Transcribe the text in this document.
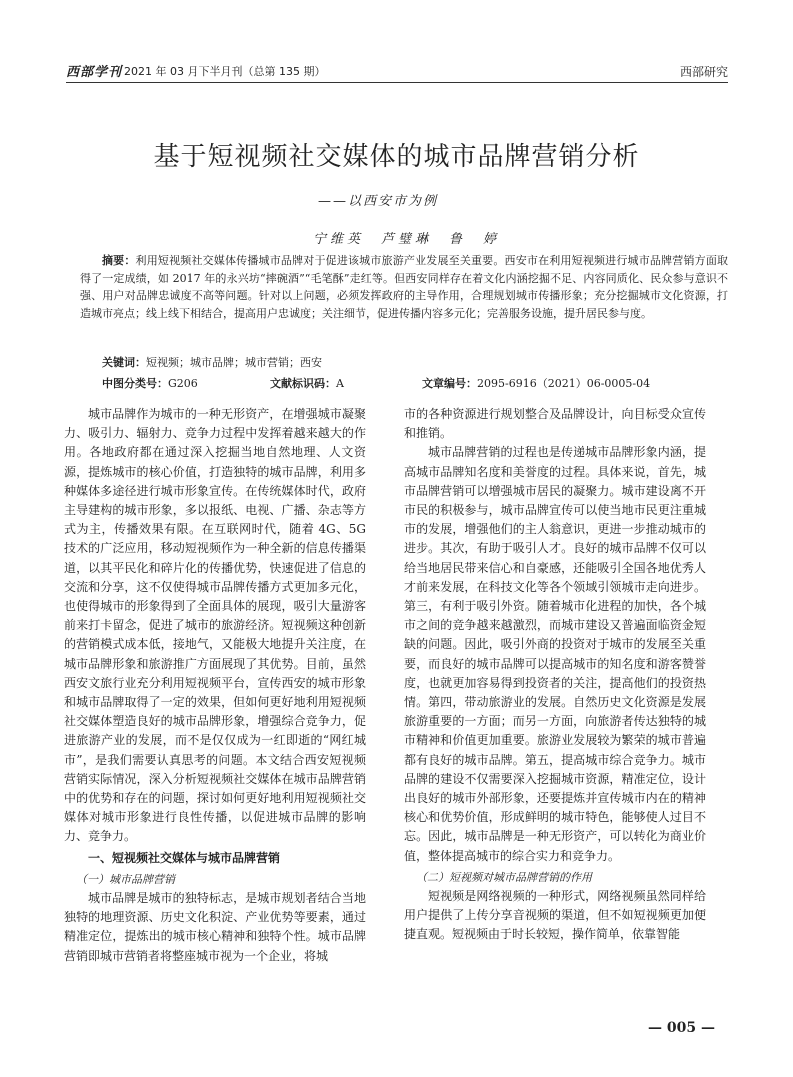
西部学刊 2021 年 03 月下半月刊（总第 135 期）	西部研究
基于短视频社交媒体的城市品牌营销分析
——以西安市为例
宁维英　芦璧琳　鲁　婷

摘要：利用短视频社交媒体传播城市品牌对于促进该城市旅游产业发展至关重要。西安市在利用短视频进行城市品牌营销方面取得了一定成绩，如 2017 年的永兴坊“摔碗酒”“毛笔酥”走红等。但西安同样存在着文化内涵挖掘不足、内容同质化、民众参与意识不强、用户对品牌忠诚度不高等问题。针对以上问题，必须发挥政府的主导作用，合理规划城市传播形象；充分挖掘城市文化资源，打造城市亮点；线上线下相结合，提高用户忠诚度；关注细节，促进传播内容多元化；完善服务设施，提升居民参与度。

关键词：短视频；城市品牌；城市营销；西安
中图分类号：G206	文献标识码：A	文章编号：2095-6916（2021）06-0005-04

城市品牌作为城市的一种无形资产，在增强城市凝聚力、吸引力、辐射力、竞争力过程中发挥着越来越大的作用。各地政府都在通过深入挖掘当地自然地理、人文资源，提炼城市的核心价值，打造独特的城市品牌，利用多种媒体多途径进行城市形象宣传。在传统媒体时代，政府主导建构的城市形象，多以报纸、电视、广播、杂志等方式为主，传播效果有限。在互联网时代，随着 4G、5G 技术的广泛应用，移动短视频作为一种全新的信息传播渠道，以其平民化和碎片化的传播优势，快速促进了信息的交流和分享，这不仅使得城市品牌传播方式更加多元化，也使得城市的形象得到了全面具体的展现，吸引大量游客前来打卡留念，促进了城市的旅游经济。短视频这种创新的营销模式成本低，接地气，又能极大地提升关注度，在城市品牌形象和旅游推广方面展现了其优势。目前，虽然西安文旅行业充分利用短视频平台，宣传西安的城市形象和城市品牌取得了一定的效果，但如何更好地利用短视频社交媒体塑造良好的城市品牌形象，增强综合竞争力，促进旅游产业的发展，而不是仅仅成为一红即逝的“网红城市”，是我们需要认真思考的问题。本文结合西安短视频营销实际情况，深入分析短视频社交媒体在城市品牌营销中的优势和存在的问题，探讨如何更好地利用短视频社交媒体对城市形象进行良性传播，以促进城市品牌的影响力、竞争力。

一、短视频社交媒体与城市品牌营销
（一）城市品牌营销

城市品牌是城市的独特标志，是城市规划者结合当地独特的地理资源、历史文化积淀、产业优势等要素，通过精准定位，提炼出的城市核心精神和独特个性。城市品牌营销即城市营销者将整座城市视为一个企业，将城

市的各种资源进行规划整合及品牌设计，向目标受众宣传和推销。

城市品牌营销的过程也是传递城市品牌形象内涵，提高城市品牌知名度和美誉度的过程。具体来说，首先，城市品牌营销可以增强城市居民的凝聚力。城市建设离不开市民的积极参与，城市品牌宣传可以使当地市民更注重城市的发展，增强他们的主人翁意识，更进一步推动城市的进步。其次，有助于吸引人才。良好的城市品牌不仅可以给当地居民带来信心和自豪感，还能吸引全国各地优秀人才前来发展，在科技文化等各个领域引领城市走向进步。第三，有利于吸引外资。随着城市化进程的加快，各个城市之间的竞争越来越激烈，而城市建设又普遍面临资金短缺的问题。因此，吸引外商的投资对于城市的发展至关重要，而良好的城市品牌可以提高城市的知名度和游客赞誉度，也就更加容易得到投资者的关注，提高他们的投资热情。第四，带动旅游业的发展。自然历史文化资源是发展旅游重要的一方面；而另一方面，向旅游者传达独特的城市精神和价值更加重要。旅游业发展较为繁荣的城市普遍都有良好的城市品牌。第五，提高城市综合竞争力。城市品牌的建设不仅需要深入挖掘城市资源，精准定位，设计出良好的城市外部形象，还要提炼并宣传城市内在的精神核心和优势价值，形成鲜明的城市特色，能够使人过目不忘。因此，城市品牌是一种无形资产，可以转化为商业价值，整体提高城市的综合实力和竞争力。

（二）短视频对城市品牌营销的作用

短视频是网络视频的一种形式，网络视频虽然同样给用户提供了上传分享音视频的渠道，但不如短视频更加便捷直观。短视频由于时长较短，操作简单，依靠智能

— 005 —
